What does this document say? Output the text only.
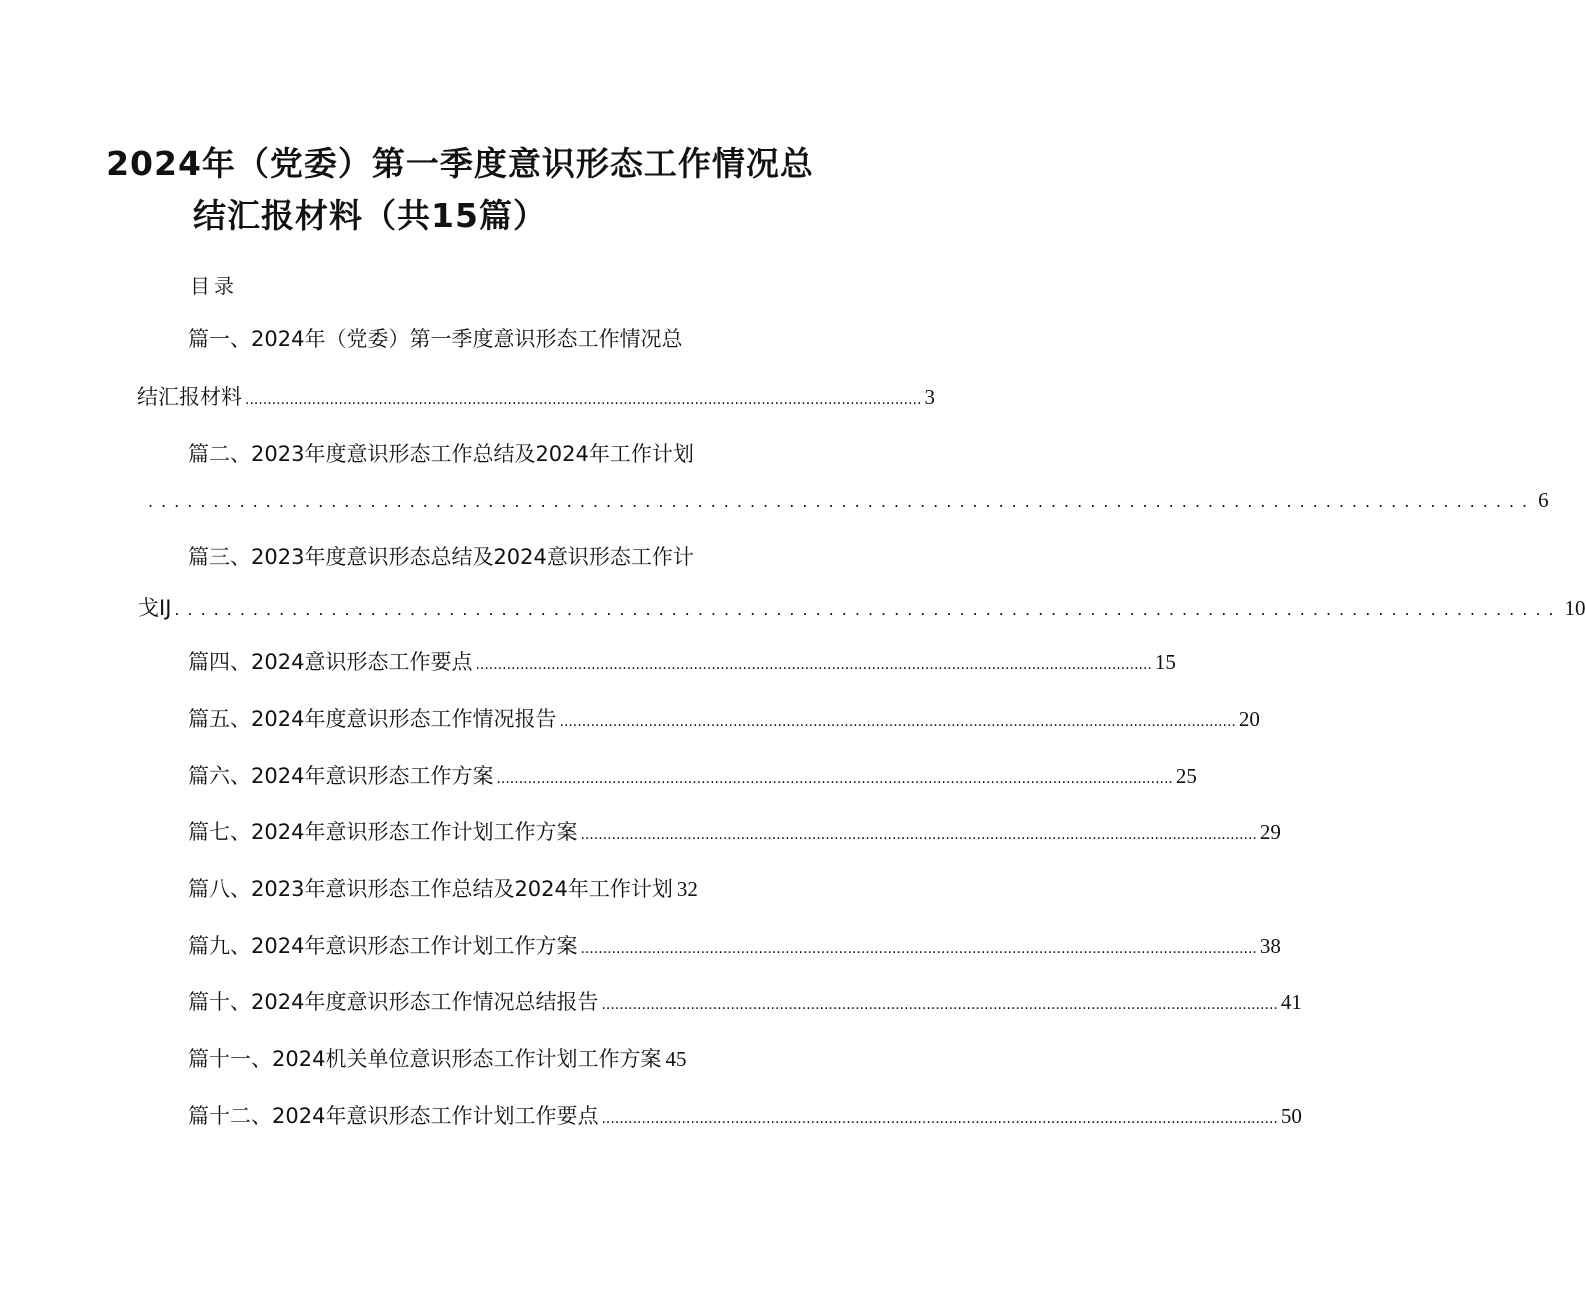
2024年（党委）第一季度意识形态工作情况总
结汇报材料（共15篇）
目录
篇一、2024年（党委）第一季度意识形态工作情况总
结汇报材料 ........................................................................................................................................................ 3
篇二、2023年度意识形态工作总结及2024年工作计划
.......................................................................................................... 6
篇三、2023年度意识形态总结及2024意识形态工作计
戈IJ .......................................................................................................... 10
篇四、2024意识形态工作要点 ........................................................................................................................................................ 15
篇五、2024年度意识形态工作情况报告 ........................................................................................................................................................ 20
篇六、2024年意识形态工作方案 ........................................................................................................................................................ 25
篇七、2024年意识形态工作计划工作方案 ........................................................................................................................................................ 29
篇八、2023年意识形态工作总结及2024年工作计划 32
篇九、2024年意识形态工作计划工作方案 ........................................................................................................................................................ 38
篇十、2024年度意识形态工作情况总结报告 ........................................................................................................................................................ 41
篇十一、2024机关单位意识形态工作计划工作方案 45
篇十二、2024年意识形态工作计划工作要点 ........................................................................................................................................................ 50
